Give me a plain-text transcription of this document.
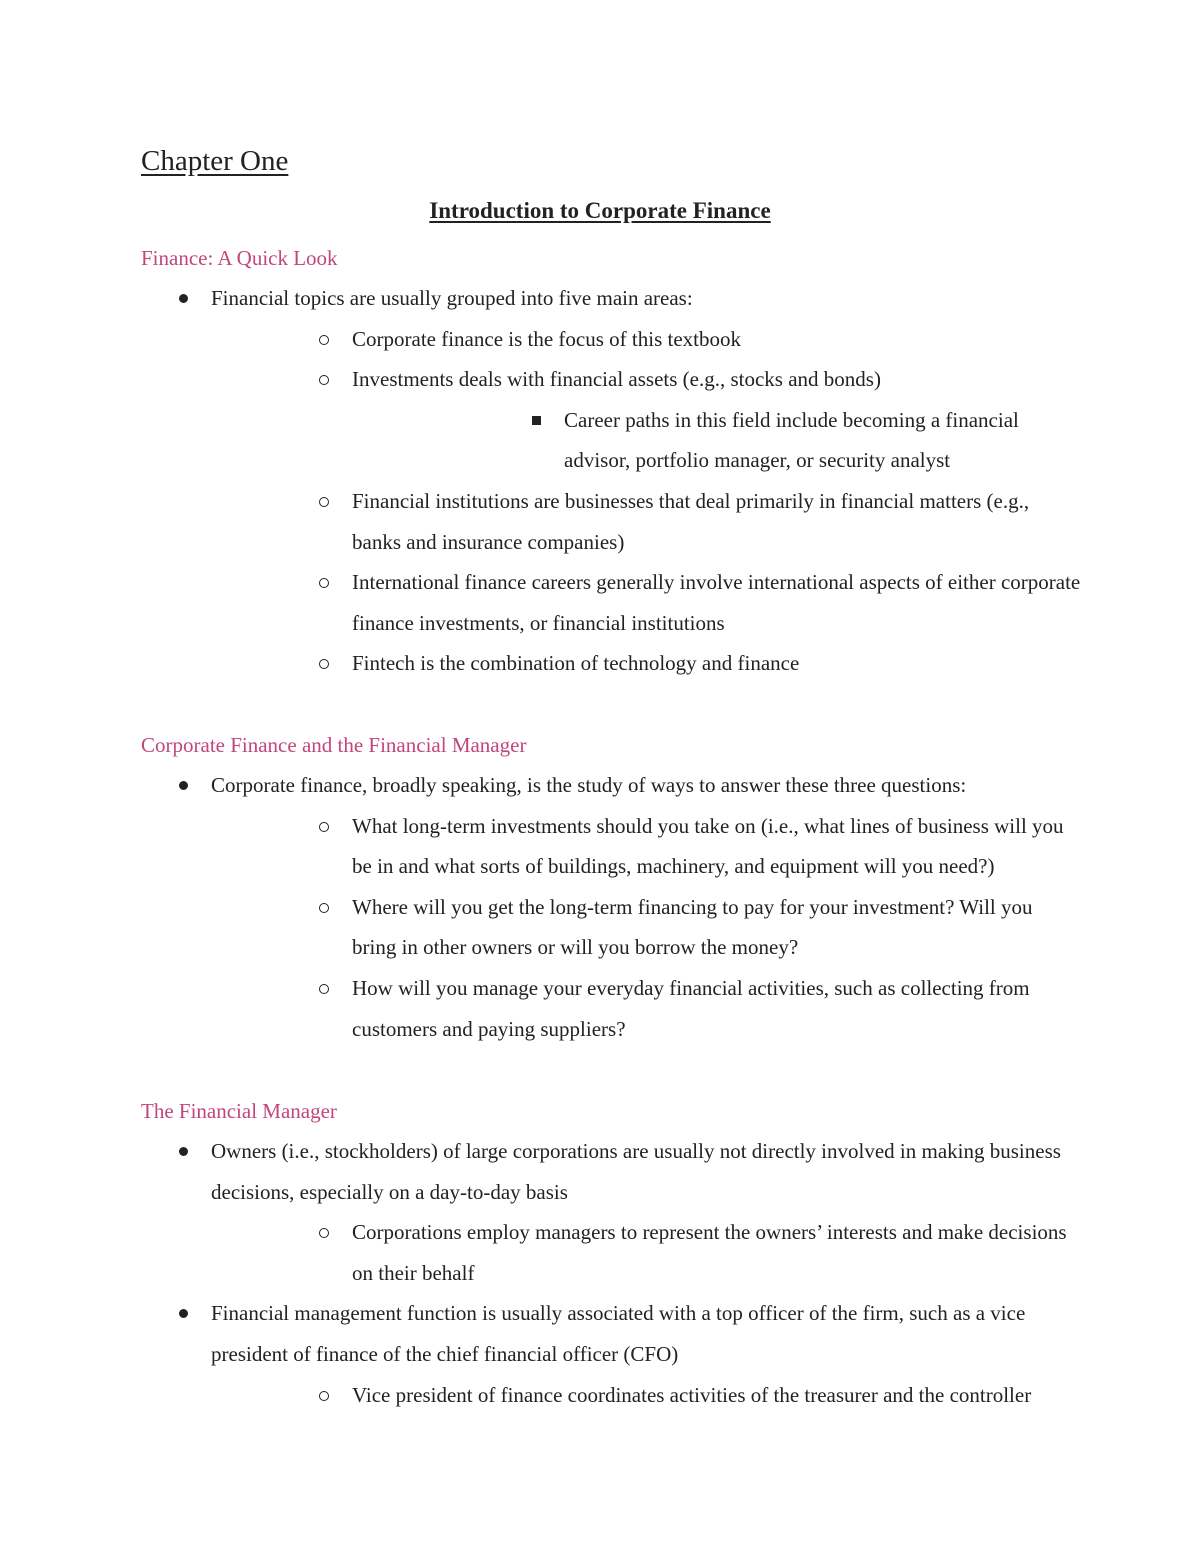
Chapter One
Introduction to Corporate Finance
Finance: A Quick Look
Financial topics are usually grouped into five main areas:
Corporate finance is the focus of this textbook
Investments deals with financial assets (e.g., stocks and bonds)
Career paths in this field include becoming a financial advisor, portfolio manager, or security analyst
Financial institutions are businesses that deal primarily in financial matters (e.g., banks and insurance companies)
International finance careers generally involve international aspects of either corporate finance investments, or financial institutions
Fintech is the combination of technology and finance
Corporate Finance and the Financial Manager
Corporate finance, broadly speaking, is the study of ways to answer these three questions:
What long-term investments should you take on (i.e., what lines of business will you be in and what sorts of buildings, machinery, and equipment will you need?)
Where will you get the long-term financing to pay for your investment? Will you bring in other owners or will you borrow the money?
How will you manage your everyday financial activities, such as collecting from customers and paying suppliers?
The Financial Manager
Owners (i.e., stockholders) of large corporations are usually not directly involved in making business decisions, especially on a day-to-day basis
Corporations employ managers to represent the owners’ interests and make decisions on their behalf
Financial management function is usually associated with a top officer of the firm, such as a vice president of finance of the chief financial officer (CFO)
Vice president of finance coordinates activities of the treasurer and the controller
